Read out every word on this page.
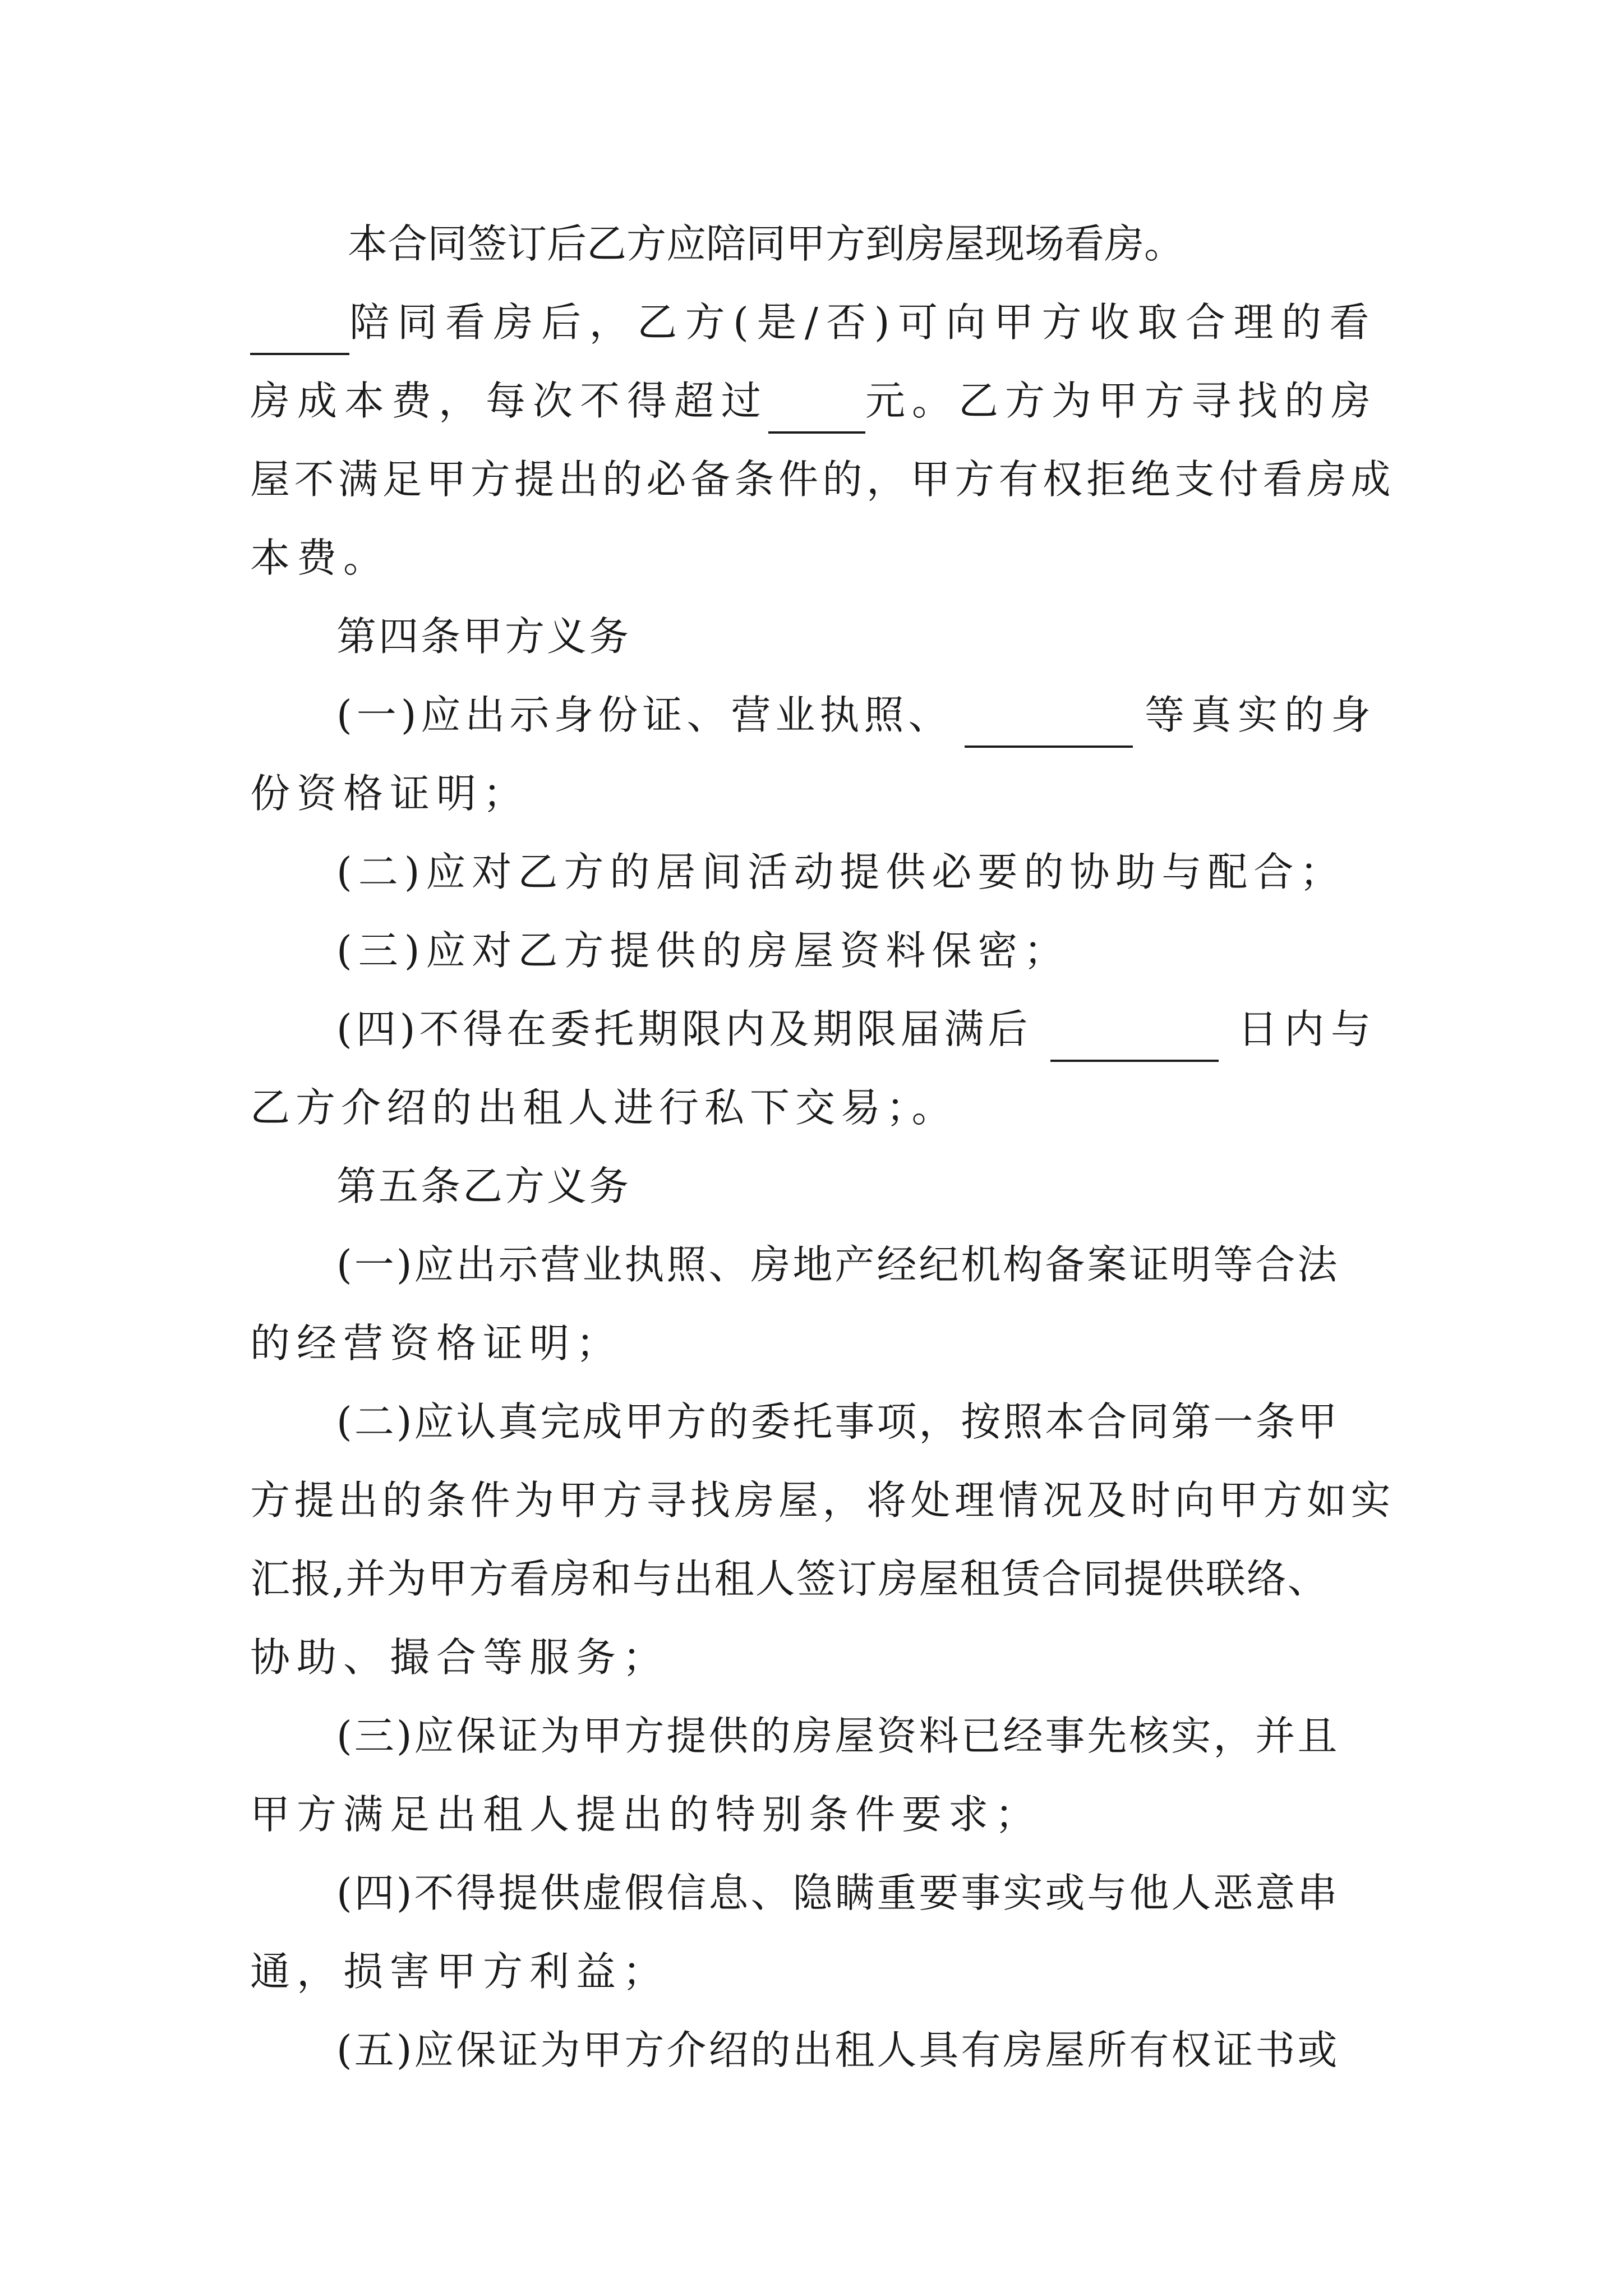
本合同签订后乙方应陪同甲方到房屋现场看房。
陪同看房后，乙方(是/否)可向甲方收取合理的看
房成本费，每次不得超过 元。乙方为甲方寻找的房
屋不满足甲方提出的必备条件的，甲方有权拒绝支付看房成
本费。
第四条甲方义务
(一)应出示身份证、营业执照、	等真实的身
份资格证明；
(二)应对乙方的居间活动提供必要的协助与配合；
(三)应对乙方提供的房屋资料保密；
(四)不得在委托期限内及期限届满后	日内与
乙方介绍的出租人进行私下交易；。
第五条乙方义务
(一)应出示营业执照、房地产经纪机构备案证明等合法
的经营资格证明；
(二)应认真完成甲方的委托事项，按照本合同第一条甲
方提出的条件为甲方寻找房屋，将处理情况及时向甲方如实
汇报,并为甲方看房和与出租人签订房屋租赁合同提供联络、
协助、撮合等服务；
(三)应保证为甲方提供的房屋资料已经事先核实，并且
甲方满足出租人提出的特别条件要求；
(四)不得提供虚假信息、隐瞒重要事实或与他人恶意串
通，损害甲方利益；
(五)应保证为甲方介绍的出租人具有房屋所有权证书或
